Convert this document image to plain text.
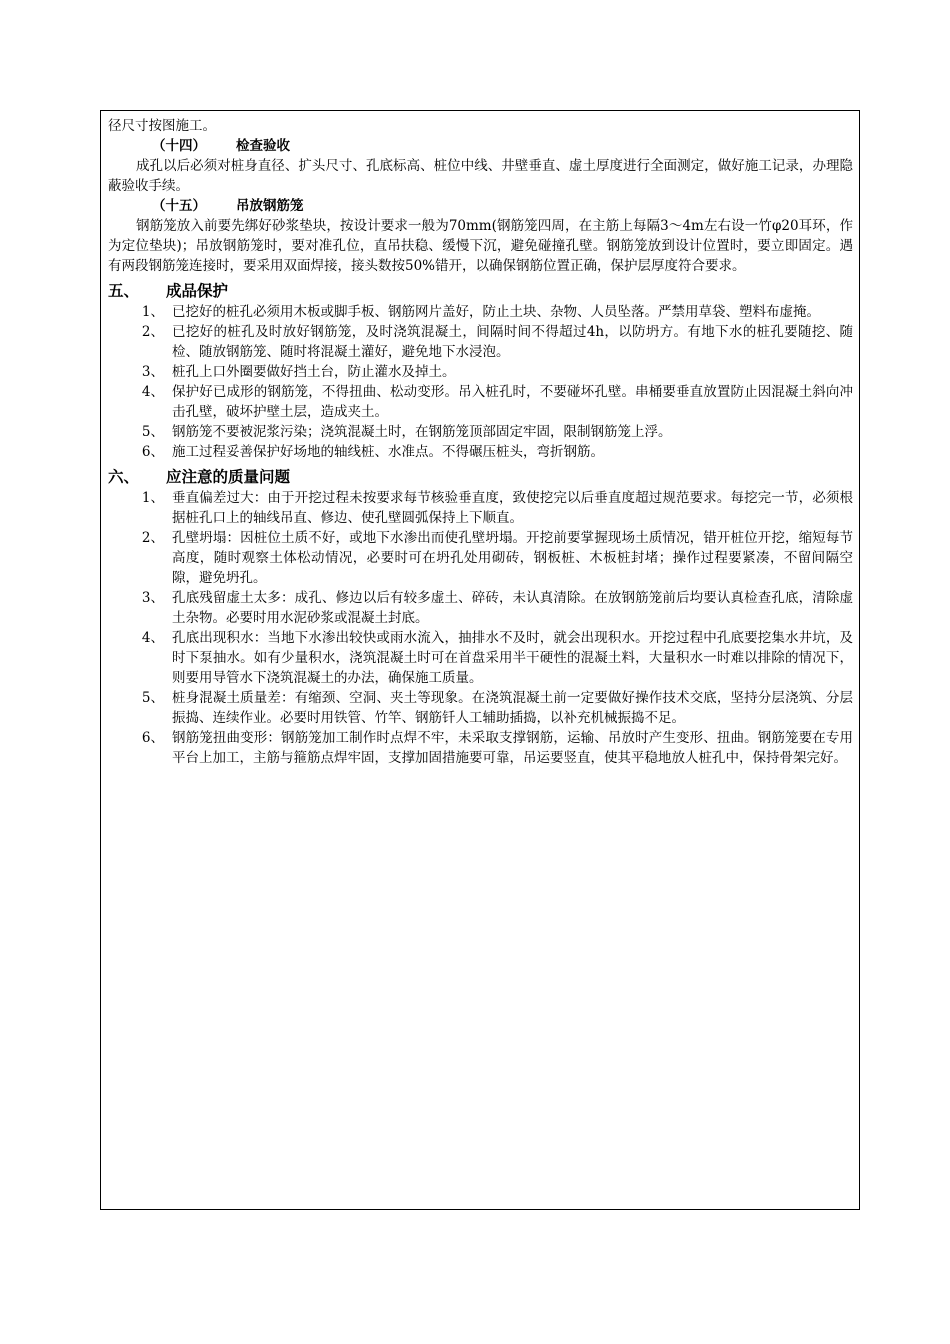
径尺寸按图施工。
（十四） 检查验收
成孔以后必须对桩身直径、扩头尺寸、孔底标高、桩位中线、井壁垂直、虚土厚度进行全面测定，做好施工记录，办理隐蔽验收手续。
（十五） 吊放钢筋笼
钢筋笼放入前要先绑好砂浆垫块，按设计要求一般为70mm(钢筋笼四周，在主筋上每隔3～4m左右设一竹φ20耳环，作为定位垫块)；吊放钢筋笼时，要对准孔位，直吊扶稳、缓慢下沉，避免碰撞孔壁。钢筋笼放到设计位置时，要立即固定。遇有两段钢筋笼连接时，要采用双面焊接，接头数按50%错开，以确保钢筋位置正确，保护层厚度符合要求。
五、 成品保护
1、 已挖好的桩孔必须用木板或脚手板、钢筋网片盖好，防止土块、杂物、人员坠落。严禁用草袋、塑料布虚掩。
2、 已挖好的桩孔及时放好钢筋笼，及时浇筑混凝土，间隔时间不得超过4h，以防坍方。有地下水的桩孔要随挖、随检、随放钢筋笼、随时将混凝土灌好，避免地下水浸泡。
3、 桩孔上口外圈要做好挡土台，防止灌水及掉土。
4、 保护好已成形的钢筋笼，不得扭曲、松动变形。吊入桩孔时，不要碰坏孔壁。串桶要垂直放置防止因混凝土斜向冲击孔壁，破坏护壁土层，造成夹土。
5、 钢筋笼不要被泥浆污染；浇筑混凝土时，在钢筋笼顶部固定牢固，限制钢筋笼上浮。
6、 施工过程妥善保护好场地的轴线桩、水准点。不得碾压桩头，弯折钢筋。
六、 应注意的质量问题
1、 垂直偏差过大：由于开挖过程未按要求每节核验垂直度，致使挖完以后垂直度超过规范要求。每挖完一节，必须根据桩孔口上的轴线吊直、修边、使孔壁圆弧保持上下顺直。
2、 孔壁坍塌：因桩位土质不好，或地下水渗出而使孔壁坍塌。开挖前要掌握现场土质情况，错开桩位开挖，缩短每节高度，随时观察土体松动情况，必要时可在坍孔处用砌砖，钢板桩、木板桩封堵；操作过程要紧凑，不留间隔空隙，避免坍孔。
3、 孔底残留虚土太多：成孔、修边以后有较多虚土、碎砖，未认真清除。在放钢筋笼前后均要认真检查孔底，清除虚土杂物。必要时用水泥砂浆或混凝土封底。
4、 孔底出现积水：当地下水渗出较快或雨水流入，抽排水不及时，就会出现积水。开挖过程中孔底要挖集水井坑，及时下泵抽水。如有少量积水，浇筑混凝土时可在首盘采用半干硬性的混凝土料，大量积水一时难以排除的情况下，则要用导管水下浇筑混凝土的办法，确保施工质量。
5、 桩身混凝土质量差：有缩颈、空洞、夹土等现象。在浇筑混凝土前一定要做好操作技术交底，坚持分层浇筑、分层振捣、连续作业。必要时用铁管、竹竿、钢筋钎人工辅助插捣，以补充机械振捣不足。
6、 钢筋笼扭曲变形：钢筋笼加工制作时点焊不牢，未采取支撑钢筋，运输、吊放时产生变形、扭曲。钢筋笼要在专用平台上加工，主筋与箍筋点焊牢固，支撑加固措施要可靠，吊运要竖直，使其平稳地放人桩孔中，保持骨架完好。
